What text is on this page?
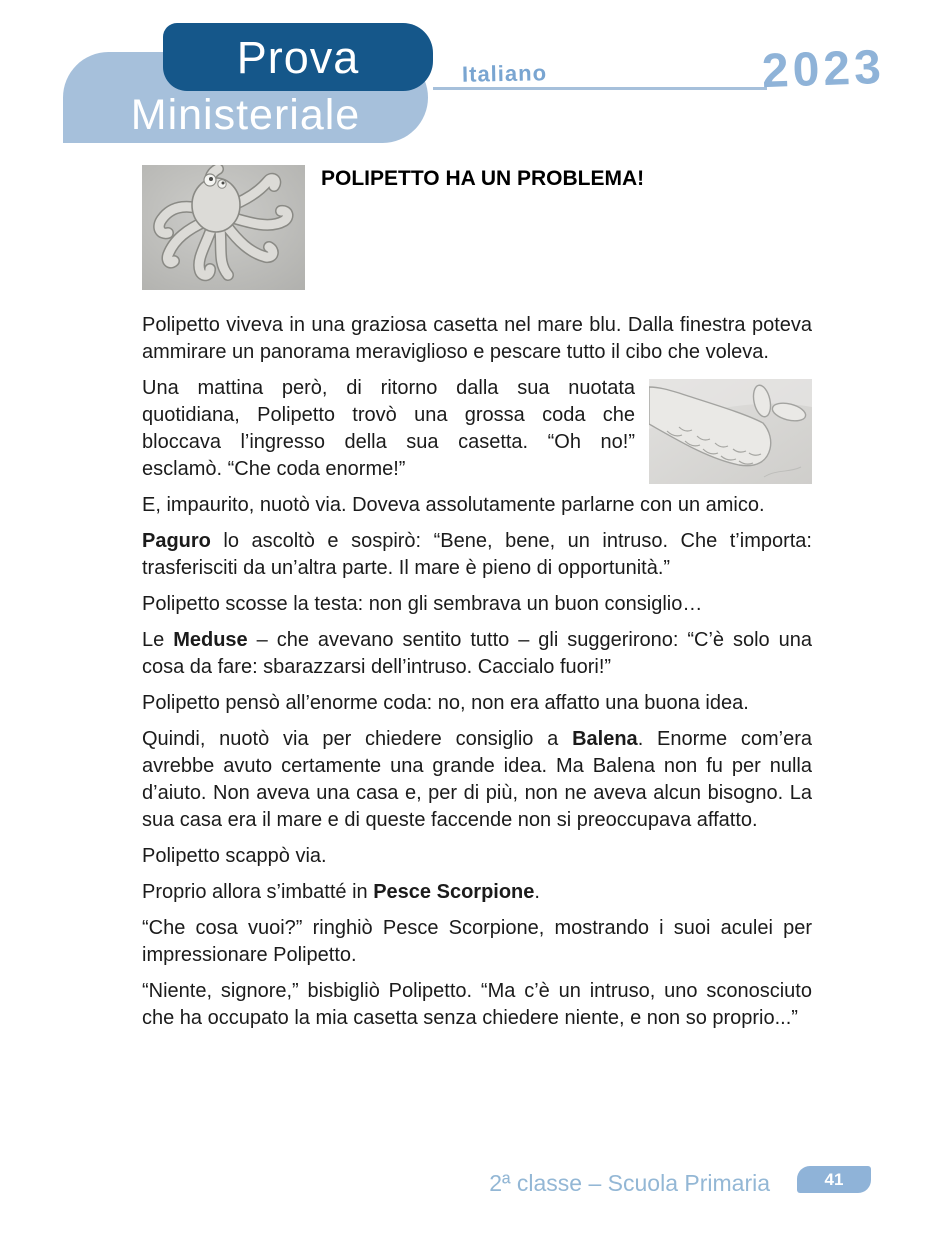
Ministeriale
Prova	Italiano	2023
POLIPETTO HA UN PROBLEMA!

Polipetto viveva in una graziosa casetta nel mare blu. Dalla finestra poteva ammirare un panorama meraviglioso e pescare tutto il cibo che voleva.

Una mattina però, di ritorno dalla sua nuotata quotidiana, Polipetto trovò una grossa coda che bloccava l’ingresso della sua casetta. “Oh no!” esclamò. “Che coda enorme!”

E, impaurito, nuotò via. Doveva assolutamente parlarne con un amico.

Paguro lo ascoltò e sospirò: “Bene, bene, un intruso. Che t’importa: trasferisciti da un’altra parte. Il mare è pieno di opportunità.”

Polipetto scosse la testa: non gli sembrava un buon consiglio…

Le Meduse – che avevano sentito tutto – gli suggerirono: “C’è solo una cosa da fare: sbarazzarsi dell’intruso. Caccialo fuori!”

Polipetto pensò all’enorme coda: no, non era affatto una buona idea.

Quindi, nuotò via per chiedere consiglio a Balena. Enorme com’era avrebbe avuto certamente una grande idea. Ma Balena non fu per nulla d’aiuto. Non aveva una casa e, per di più, non ne aveva alcun bisogno. La sua casa era il mare e di queste faccende non si preoccupava affatto.

Polipetto scappò via.

Proprio allora s’imbatté in Pesce Scorpione.

“Che cosa vuoi?” ringhiò Pesce Scorpione, mostrando i suoi aculei per impressionare Polipetto.

“Niente, signore,” bisbigliò Polipetto. “Ma c’è un intruso, uno sconosciuto che ha occupato la mia casetta senza chiedere niente, e non so proprio...”

2ª classe – Scuola Primaria	41
